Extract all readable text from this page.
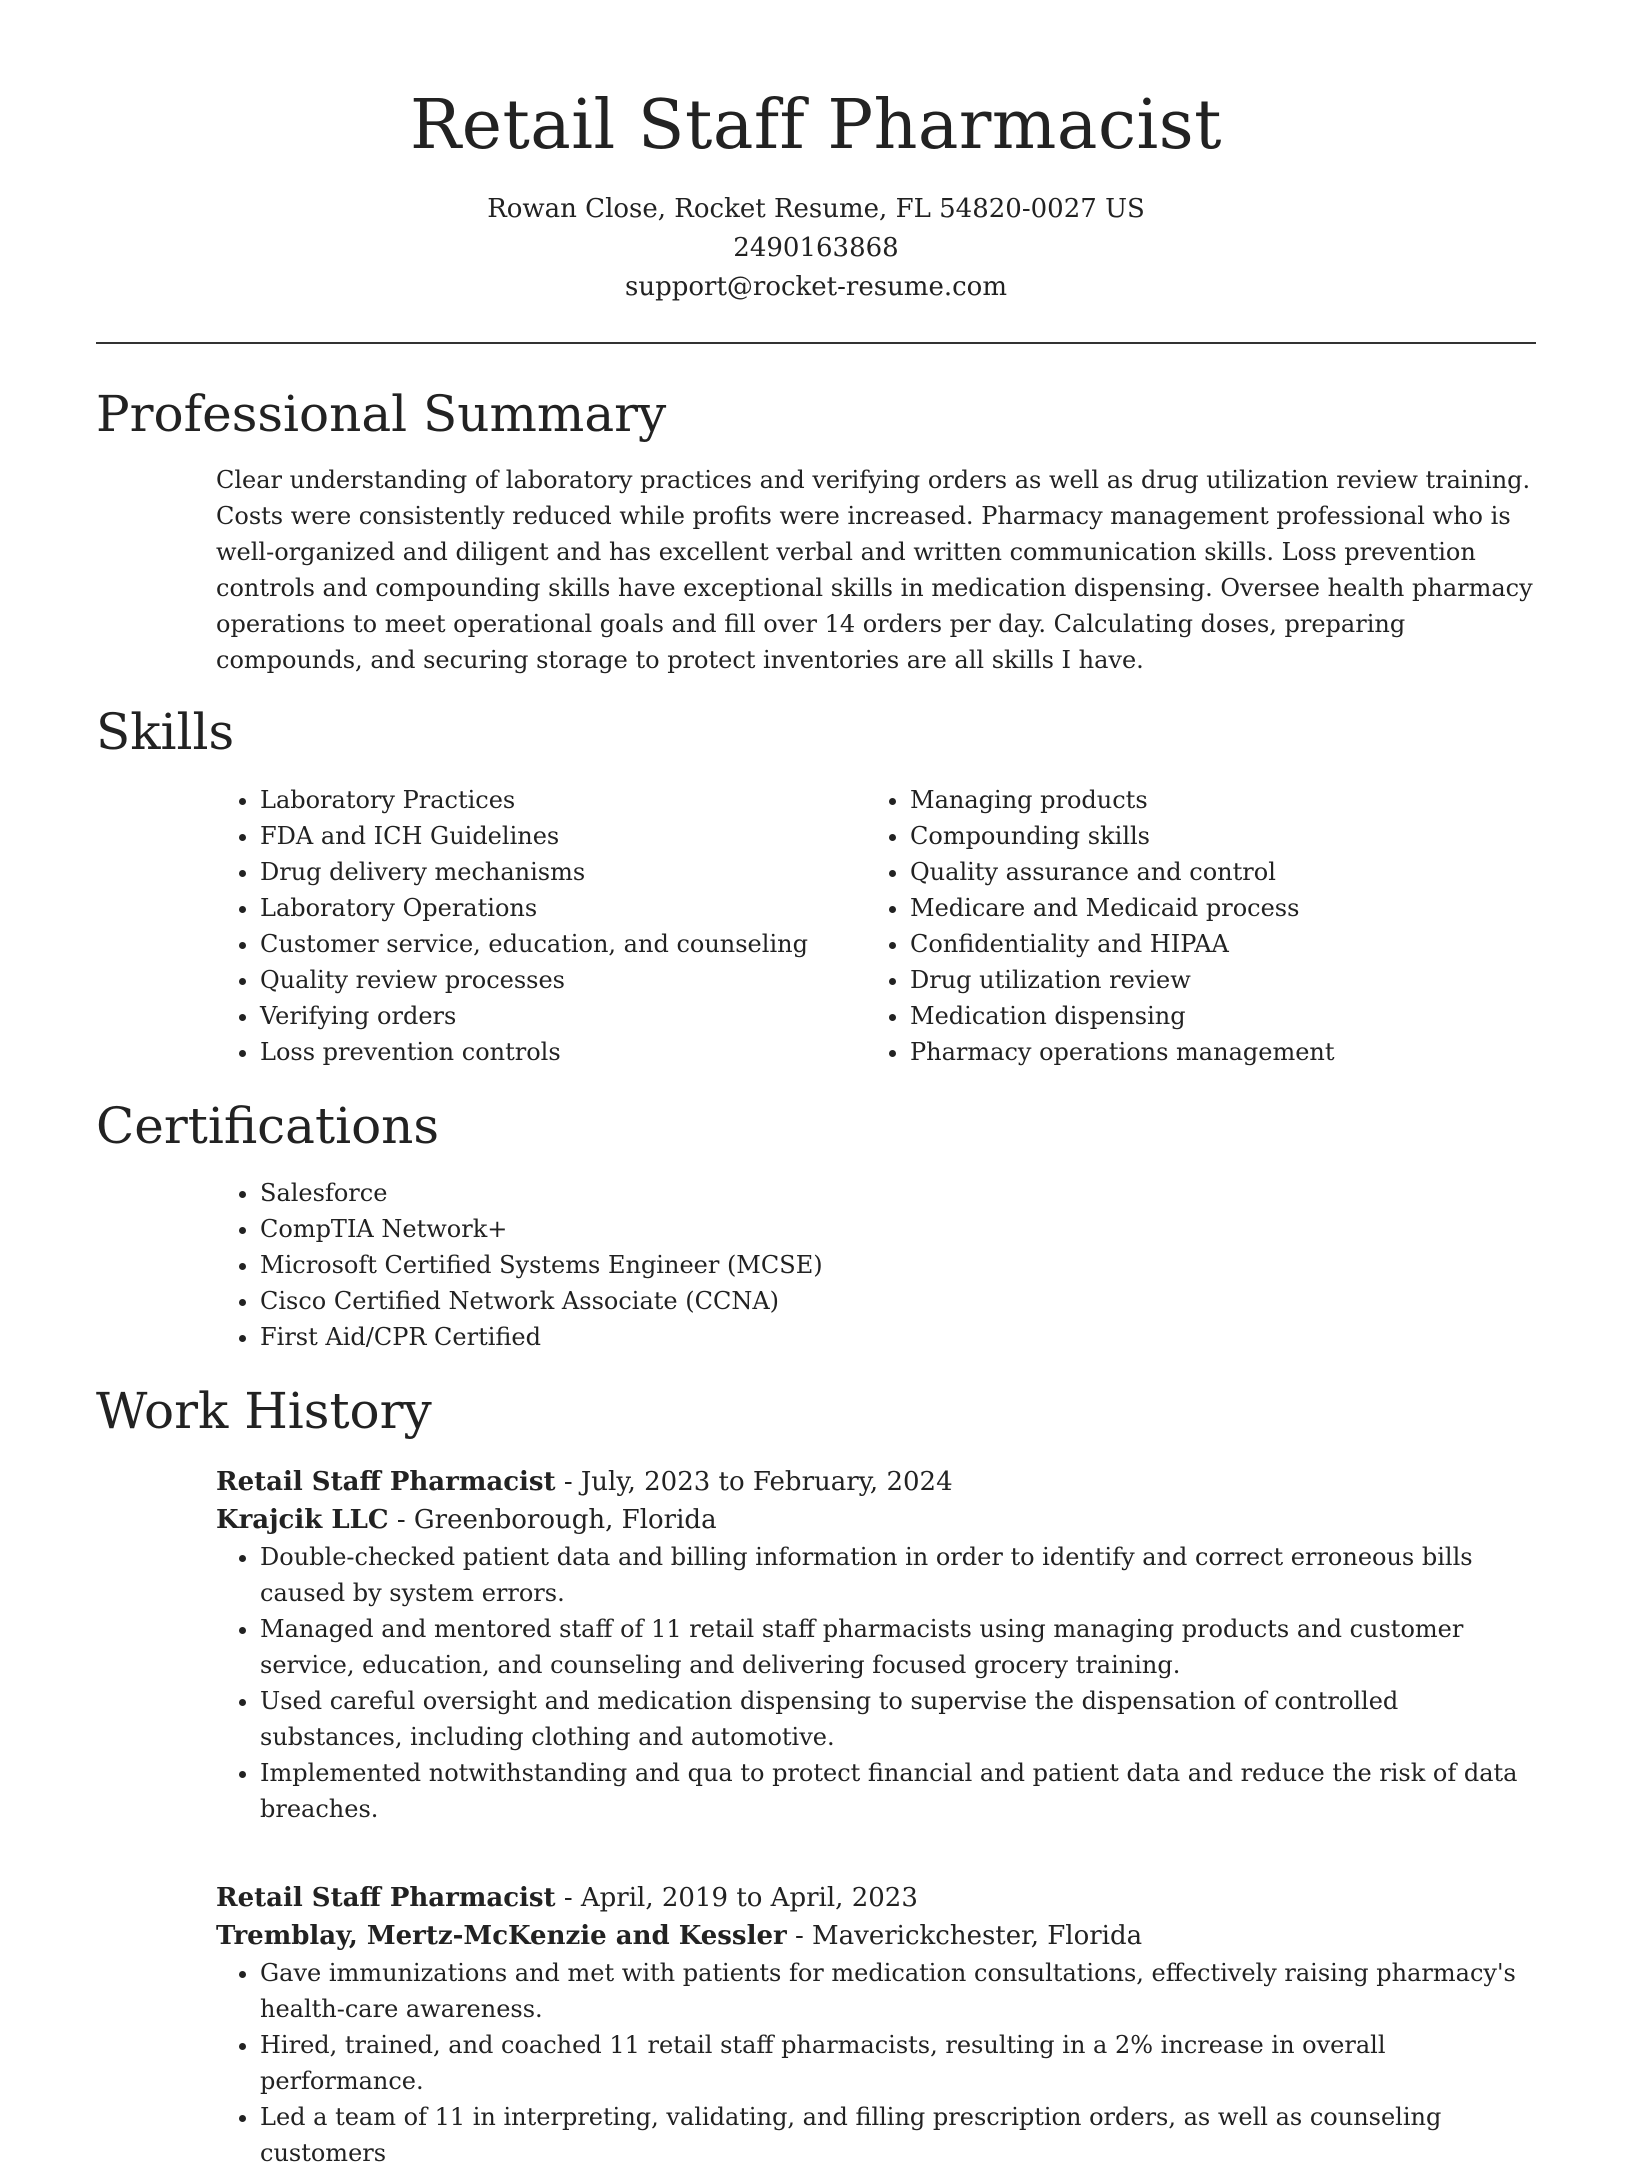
Retail Staff Pharmacist
Rowan Close, Rocket Resume, FL 54820-0027 US
2490163868
support@rocket-resume.com
Professional Summary

Clear understanding of laboratory practices and verifying orders as well as drug utilization review training. Costs were consistently reduced while profits were increased. Pharmacy management professional who is well-organized and diligent and has excellent verbal and written communication skills. Loss prevention controls and compounding skills have exceptional skills in medication dispensing. Oversee health pharmacy operations to meet operational goals and fill over 14 orders per day. Calculating doses, preparing compounds, and securing storage to protect inventories are all skills I have.

Skills
• Laboratory Practices
• FDA and ICH Guidelines
• Drug delivery mechanisms
• Laboratory Operations
• Customer service, education, and counseling
• Quality review processes
• Verifying orders
• Loss prevention controls
• Managing products
• Compounding skills
• Quality assurance and control
• Medicare and Medicaid process
• Confidentiality and HIPAA
• Drug utilization review
• Medication dispensing
• Pharmacy operations management
Certifications
• Salesforce
• CompTIA Network+
• Microsoft Certified Systems Engineer (MCSE)
• Cisco Certified Network Associate (CCNA)
• First Aid/CPR Certified
Work History
Retail Staff Pharmacist - July, 2023 to February, 2024
Krajcik LLC - Greenborough, Florida
• Double-checked patient data and billing information in order to identify and correct erroneous bills caused by system errors.
• Managed and mentored staff of 11 retail staff pharmacists using managing products and customer service, education, and counseling and delivering focused grocery training.
• Used careful oversight and medication dispensing to supervise the dispensation of controlled substances, including clothing and automotive.
• Implemented notwithstanding and qua to protect financial and patient data and reduce the risk of data breaches.
Retail Staff Pharmacist - April, 2019 to April, 2023
Tremblay, Mertz-McKenzie and Kessler - Maverickchester, Florida
• Gave immunizations and met with patients for medication consultations, effectively raising pharmacy's health-care awareness.
• Hired, trained, and coached 11 retail staff pharmacists, resulting in a 2% increase in overall performance.
• Led a team of 11 in interpreting, validating, and filling prescription orders, as well as counseling customers
